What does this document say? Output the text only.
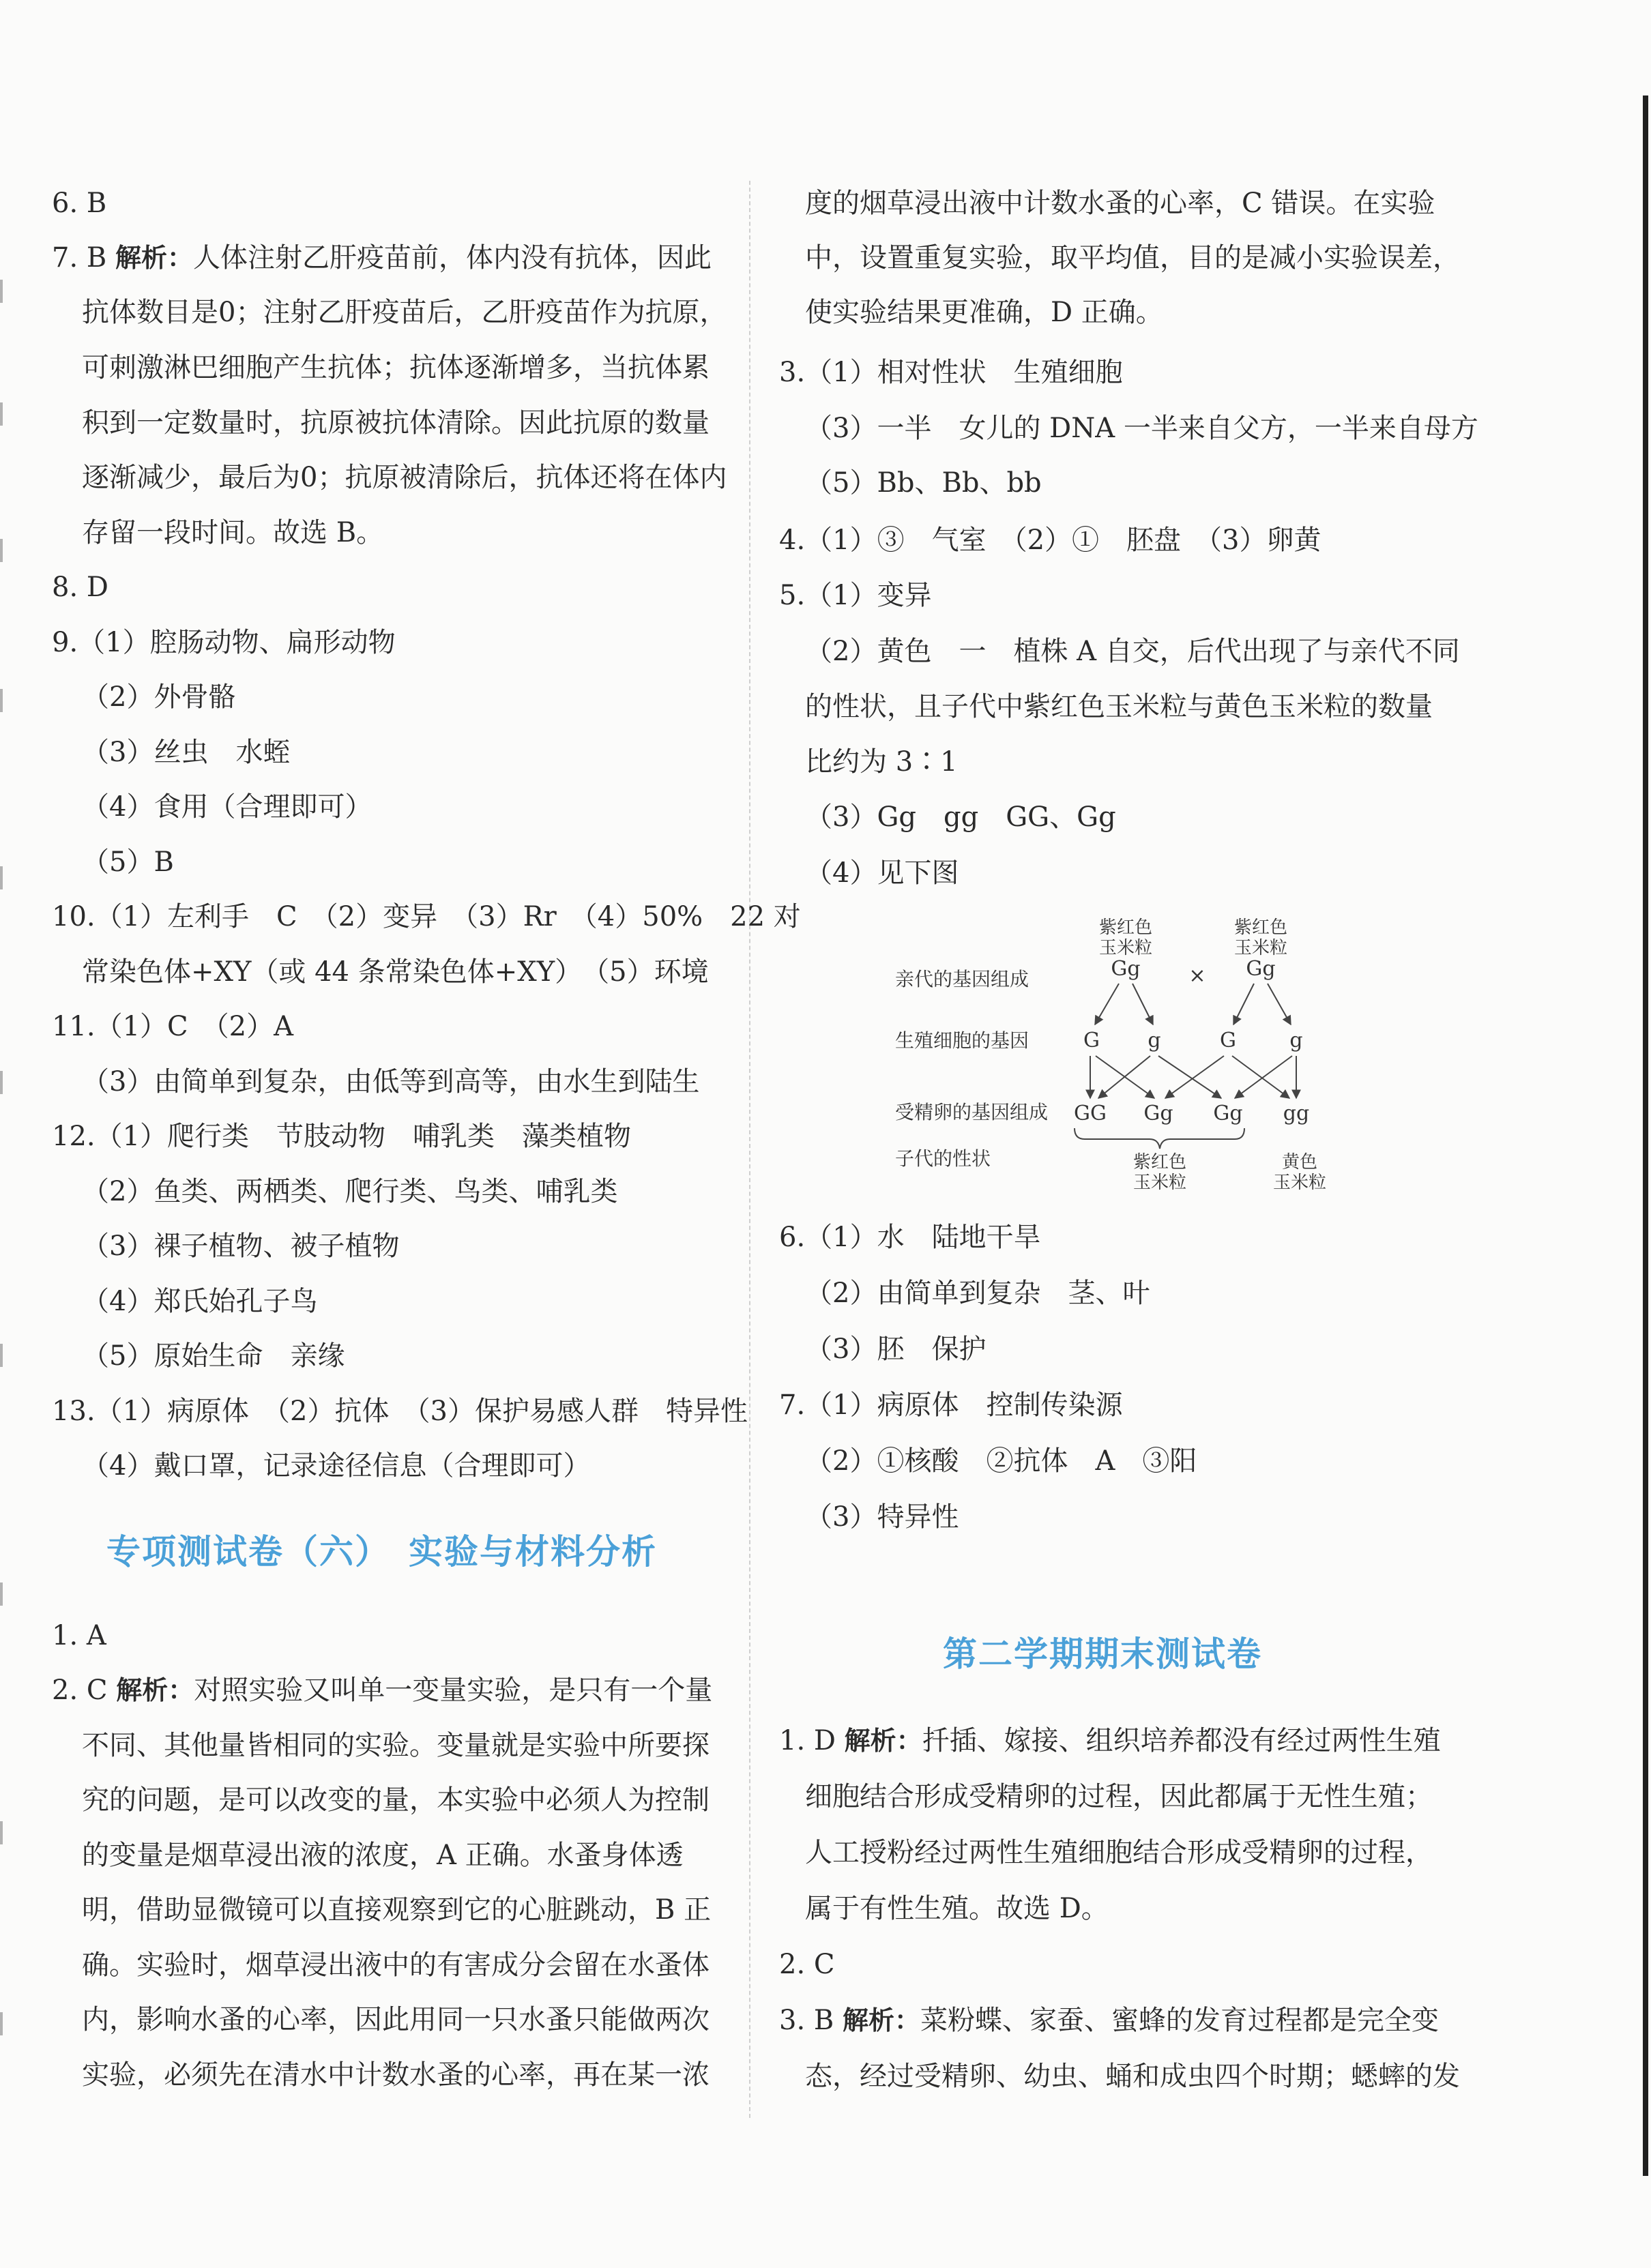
6. B
7. B 解析：人体注射乙肝疫苗前，体内没有抗体，因此
抗体数目是0；注射乙肝疫苗后，乙肝疫苗作为抗原，
可刺激淋巴细胞产生抗体；抗体逐渐增多，当抗体累
积到一定数量时，抗原被抗体清除。因此抗原的数量
逐渐减少，最后为0；抗原被清除后，抗体还将在体内
存留一段时间。故选 B。
8. D
9.（1）腔肠动物、扁形动物
（2）外骨骼
（3）丝虫　水蛭
（4）食用（合理即可）
（5）B
10.（1）左利手　C　（2）变异　（3）Rr　（4）50%　22 对
常染色体+XY（或 44 条常染色体+XY）　（5）环境
11.（1）C　（2）A
（3）由简单到复杂，由低等到高等，由水生到陆生
12.（1）爬行类　节肢动物　哺乳类　藻类植物
（2）鱼类、两栖类、爬行类、鸟类、哺乳类
（3）裸子植物、被子植物
（4）郑氏始孔子鸟
（5）原始生命　亲缘
13.（1）病原体　（2）抗体　（3）保护易感人群　特异性
（4）戴口罩，记录途径信息（合理即可）
专项测试卷（六）　实验与材料分析
1. A
2. C 解析：对照实验又叫单一变量实验，是只有一个量
不同、其他量皆相同的实验。变量就是实验中所要探
究的问题，是可以改变的量，本实验中必须人为控制
的变量是烟草浸出液的浓度，A 正确。水蚤身体透
明，借助显微镜可以直接观察到它的心脏跳动，B 正
确。实验时，烟草浸出液中的有害成分会留在水蚤体
内，影响水蚤的心率，因此用同一只水蚤只能做两次
实验，必须先在清水中计数水蚤的心率，再在某一浓
度的烟草浸出液中计数水蚤的心率，C 错误。在实验
中，设置重复实验，取平均值，目的是减小实验误差，
使实验结果更准确，D 正确。
3.（1）相对性状　生殖细胞
（3）一半　女儿的 DNA 一半来自父方，一半来自母方
（5）Bb、Bb、bb
4.（1）③　气室　（2）①　胚盘　（3）卵黄
5.（1）变异
（2）黄色　一　植株 A 自交，后代出现了与亲代不同
的性状，且子代中紫红色玉米粒与黄色玉米粒的数量
比约为 3∶1
（3）Gg　gg　GG、Gg
（4）见下图
6.（1）水　陆地干旱
（2）由简单到复杂　茎、叶
（3）胚　保护
7.（1）病原体　控制传染源
（2）①核酸　②抗体　A　③阳
（3）特异性
第二学期期末测试卷
1. D 解析：扦插、嫁接、组织培养都没有经过两性生殖
细胞结合形成受精卵的过程，因此都属于无性生殖；
人工授粉经过两性生殖细胞结合形成受精卵的过程，
属于有性生殖。故选 D。
2. C
3. B 解析：菜粉蝶、家蚕、蜜蜂的发育过程都是完全变
态，经过受精卵、幼虫、蛹和成虫四个时期；蟋蟀的发
紫红色
玉米粒
紫红色
玉米粒
亲代的基因组成
生殖细胞的基因
受精卵的基因组成
子代的性状
Gg × Gg
G g	G	g
GG Gg Gg gg
紫红色
玉米粒
黄色
玉米粒
